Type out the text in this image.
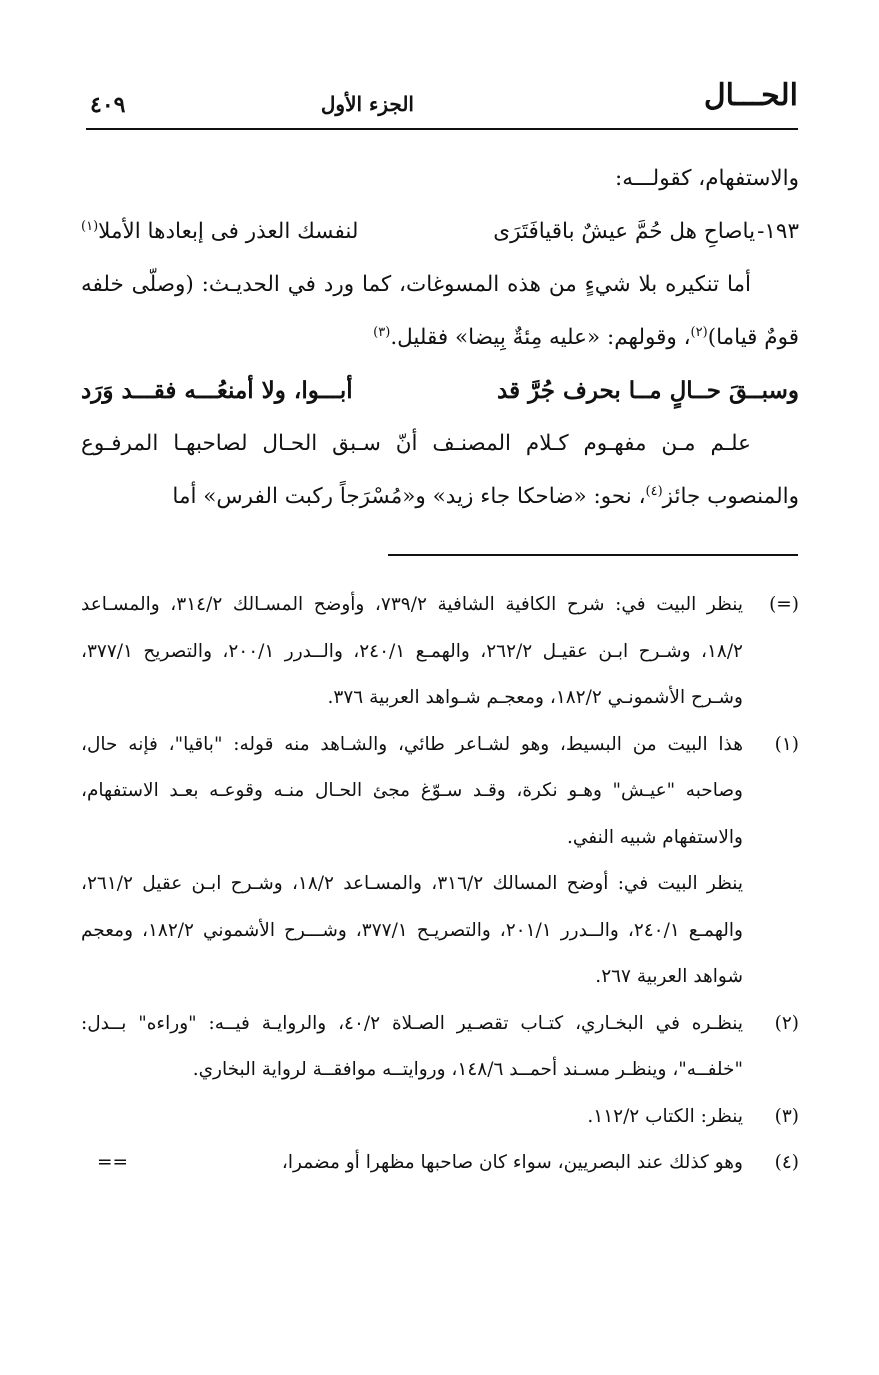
الحـــال
الجزء الأول
٤٠٩

والاستفهام، كقولـــه:

١٩٣-ياصاحِ هل حُمَّ عيشٌ باقيافَتَرَى
لنفسك العذر فى إبعادها الأملا$^{(١)}$

أما تنكيره بلا شيءٍ من هذه المسوغات، كما ورد في الحديـث: (وصلّى خلفه قومٌ قياما)$^{(٢)}$، وقولهم: «عليه مِئةٌ بِيضا» فقليل.$^{(٣)}$

وسبــقَ حــالٍ مــا بحرف جُرَّ قد
أبـــوا، ولا أمنعُـــه فقـــد وَرَد

علـم مـن مفهـوم كـلام المصنـف أنّ سـبق الحـال لصاحبهـا المرفـوع والمنصوب جائز$^{(٤)}$، نحو: «ضاحكا جاء زيد» و«مُسْرَجاً ركبت الفرس» أما

(=)

ينظر البيت في: شرح الكافية الشافية ٧٣٩/٢، وأوضح المسـالك ٣١٤/٢، والمسـاعد ١٨/٢، وشـرح ابـن عقيـل ٢٦٢/٢، والهمـع ٢٤٠/١، والــدرر ٢٠٠/١، والتصريح ٣٧٧/١، وشـرح الأشمونـي ١٨٢/٢، ومعجـم شـواهد العربية ٣٧٦.

(١)

هذا البيت من البسيط، وهو لشـاعر طائي، والشـاهد منه قوله: "باقيا"، فإنه حال، وصاحبه "عيـش" وهـو نكرة، وقـد سـوّغ مجئ الحـال منـه وقوعـه بعـد الاستفهام، والاستفهام شبيه النفي.

ينظر البيت في: أوضح المسالك ٣١٦/٢، والمسـاعد ١٨/٢، وشـرح ابـن عقيل ٢٦١/٢، والهمـع ٢٤٠/١، والــدرر ٢٠١/١، والتصريـح ٣٧٧/١، وشـــرح الأشموني ١٨٢/٢، ومعجم شواهد العربية ٢٦٧.

(٢)

ينظـره في البخـاري، كتـاب تقصـير الصـلاة ٤٠/٢، والروايـة فيــه: "وراءه" بــدل: "خلفــه"، وينظـر مسـند أحمــد ١٤٨/٦، وروايتــه موافقــة لرواية البخاري.

(٣)

ينظر: الكتاب ١١٢/٢.

(٤)
وهو كذلك عند البصريين، سواء كان صاحبها مظهرا أو مضمرا،
==
